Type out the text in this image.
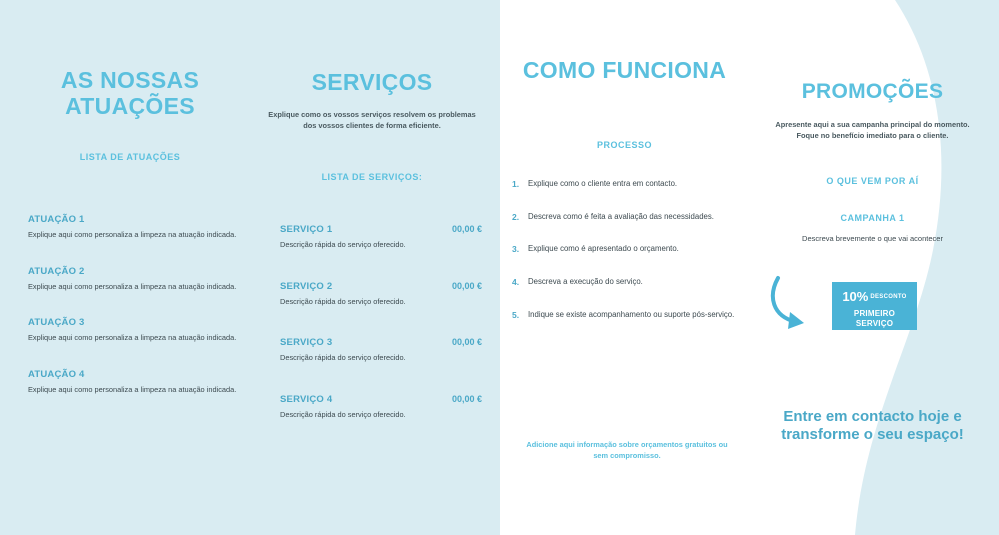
AS NOSSAS ATUAÇÕES
LISTA DE ATUAÇÕES
ATUAÇÃO 1
Explique aqui como personaliza a limpeza na atuação indicada.
ATUAÇÃO 2
Explique aqui como personaliza a limpeza na atuação indicada.
ATUAÇÃO 3
Explique aqui como personaliza a limpeza na atuação indicada.
ATUAÇÃO 4
Explique aqui como personaliza a limpeza na atuação indicada.
SERVIÇOS
Explique como os vossos serviços resolvem os problemas dos vossos clientes de forma eficiente.
LISTA DE SERVIÇOS:
SERVIÇO 1	00,00 €
Descrição rápida do serviço oferecido.
SERVIÇO 2	00,00 €
Descrição rápida do serviço oferecido.
SERVIÇO 3	00,00 €
Descrição rápida do serviço oferecido.
SERVIÇO 4	00,00 €
Descrição rápida do serviço oferecido.
COMO FUNCIONA
PROCESSO
1.	Explique como o cliente entra em contacto.
2.	Descreva como é feita a avaliação das necessidades.
3.	Explique como é apresentado o orçamento.
4.	Descreva a execução do serviço.
5.	Indique se existe acompanhamento ou suporte pós-serviço.
Adicione aqui informação sobre orçamentos gratuitos ou sem compromisso.
PROMOÇÕES
Apresente aqui a sua campanha principal do momento. Foque no benefício imediato para o cliente.
O QUE VEM POR AÍ
CAMPANHA 1
Descreva brevemente o que vai acontecer
10% DESCONTO
PRIMEIRO
SERVIÇO
Entre em contacto hoje e
transforme o seu espaço!
